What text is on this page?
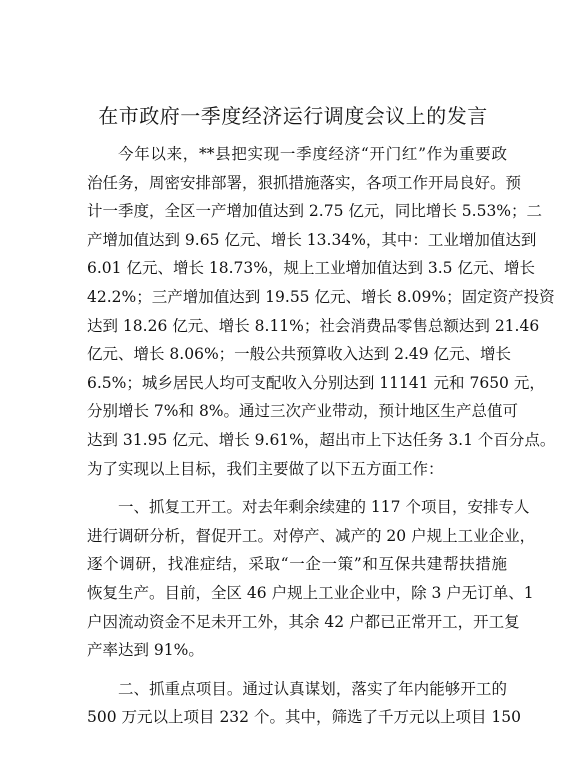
在市政府一季度经济运行调度会议上的发言
今年以来，**县把实现一季度经济“开门红”作为重要政
治任务，周密安排部署，狠抓措施落实，各项工作开局良好。预
计一季度，全区一产增加值达到 2.75 亿元，同比增长 5.53%；二
产增加值达到 9.65 亿元、增长 13.34%，其中：工业增加值达到
6.01 亿元、增长 18.73%，规上工业增加值达到 3.5 亿元、增长
42.2%；三产增加值达到 19.55 亿元、增长 8.09%；固定资产投资
达到 18.26 亿元、增长 8.11%；社会消费品零售总额达到 21.46
亿元、增长 8.06%；一般公共预算收入达到 2.49 亿元、增长
6.5%；城乡居民人均可支配收入分别达到 11141 元和 7650 元，
分别增长 7%和 8%。通过三次产业带动，预计地区生产总值可
达到 31.95 亿元、增长 9.61%，超出市上下达任务 3.1 个百分点。
为了实现以上目标，我们主要做了以下五方面工作：
一、抓复工开工。对去年剩余续建的 117 个项目，安排专人
进行调研分析，督促开工。对停产、减产的 20 户规上工业企业，
逐个调研，找准症结，采取“一企一策”和互保共建帮扶措施
恢复生产。目前，全区 46 户规上工业企业中，除 3 户无订单、1
户因流动资金不足未开工外，其余 42 户都已正常开工，开工复
产率达到 91%。
二、抓重点项目。通过认真谋划，落实了年内能够开工的
500 万元以上项目 232 个。其中，筛选了千万元以上项目 150
